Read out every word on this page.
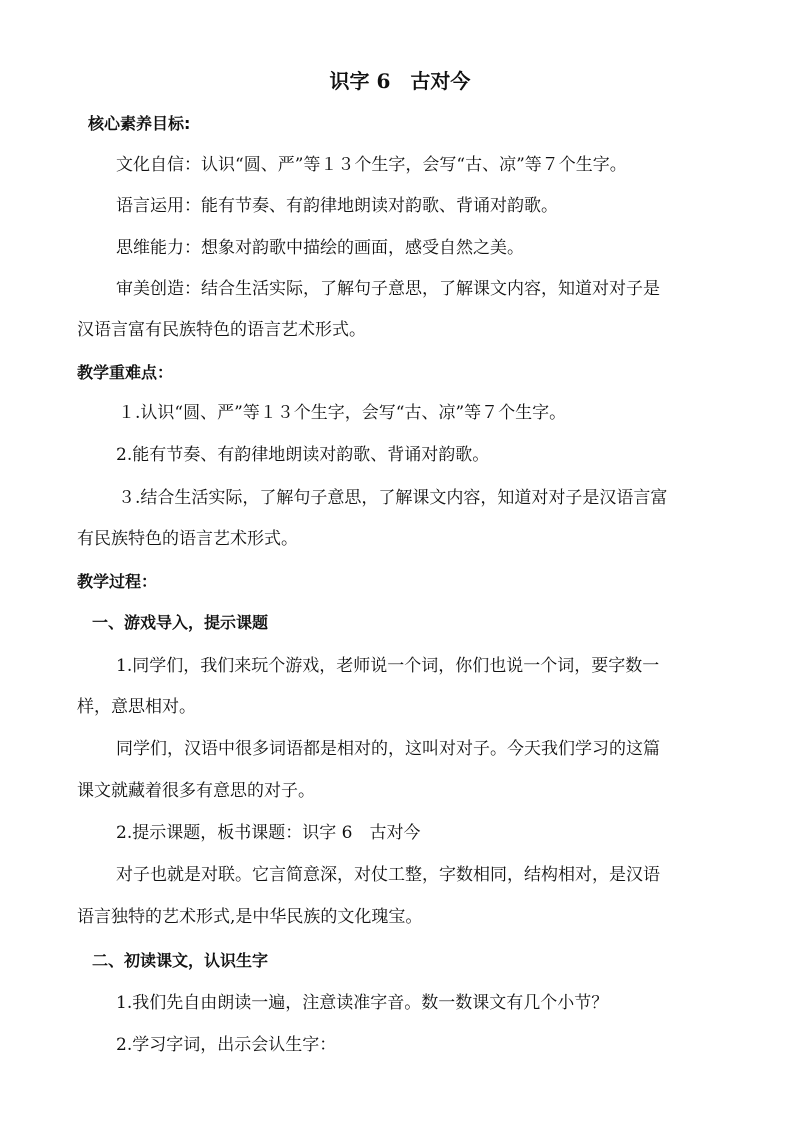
识字 6　古对今
核心素养目标:
文化自信：认识“圆、严”等１３个生字，会写“古、凉”等７个生字。
语言运用：能有节奏、有韵律地朗读对韵歌、背诵对韵歌。
思维能力：想象对韵歌中描绘的画面，感受自然之美。
审美创造：结合生活实际，了解句子意思，了解课文内容，知道对对子是
汉语言富有民族特色的语言艺术形式。
教学重难点：
１.认识“圆、严”等１３个生字，会写“古、凉”等７个生字。
2.能有节奏、有韵律地朗读对韵歌、背诵对韵歌。
３.结合生活实际，了解句子意思，了解课文内容，知道对对子是汉语言富
有民族特色的语言艺术形式。
教学过程：
一、游戏导入，提示课题
1.同学们，我们来玩个游戏，老师说一个词，你们也说一个词，要字数一
样，意思相对。
同学们，汉语中很多词语都是相对的，这叫对对子。今天我们学习的这篇
课文就藏着很多有意思的对子。
2.提示课题，板书课题：识字 6　古对今
对子也就是对联。它言简意深，对仗工整，字数相同，结构相对，是汉语
语言独特的艺术形式,是中华民族的文化瑰宝。
二、初读课文，认识生字
1.我们先自由朗读一遍，注意读准字音。数一数课文有几个小节？
2.学习字词，出示会认生字：
